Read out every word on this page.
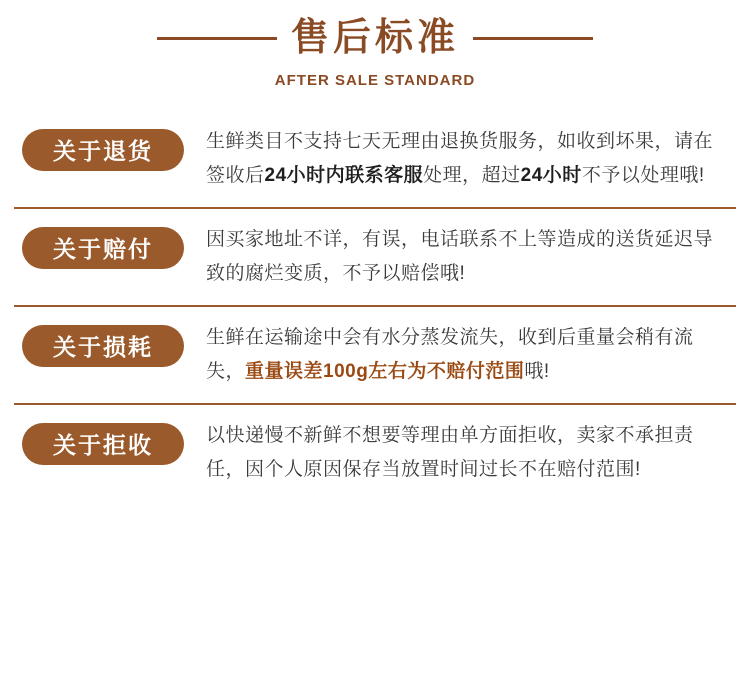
售后标准
AFTER SALE STANDARD
关于退货	生鲜类目不支持七天无理由退换货服务，如收到坏果，请在签收后24小时内联系客服处理，超过24小时不予以处理哦!
关于赔付	因买家地址不详，有误，电话联系不上等造成的送货延迟导致的腐烂变质，不予以赔偿哦!
关于损耗	生鲜在运输途中会有水分蒸发流失，收到后重量会稍有流失，重量误差100g左右为不赔付范围哦!
关于拒收	以快递慢不新鲜不想要等理由单方面拒收，卖家不承担责任，因个人原因保存当放置时间过长不在赔付范围!
